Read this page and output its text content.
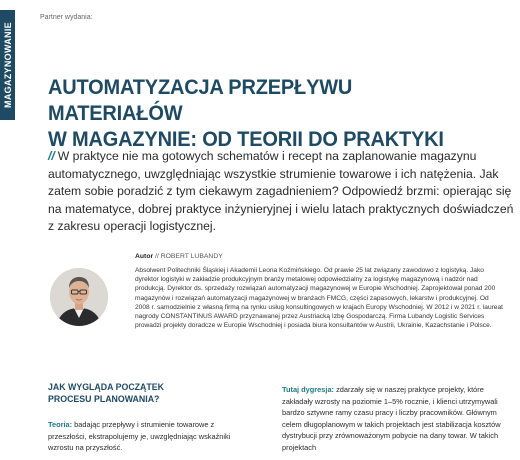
MAGAZYNOWANIE
Partner wydania:
AUTOMATYZACJA PRZEPŁYWU MATERIAŁÓW
W MAGAZYNIE: OD TEORII DO PRAKTYKI

// W praktyce nie ma gotowych schematów i recept na zaplanowanie magazynu automatycznego, uwzględniając wszystkie strumienie towarowe i ich natężenia. Jak zatem sobie poradzić z tym ciekawym zagadnieniem? Odpowiedź brzmi: opierając się na matematyce, dobrej praktyce inżynieryjnej i wielu latach praktycznych doświadczeń z zakresu operacji logistycznej.

Autor // ROBERT LUBANDY

Absolwent Politechniki Śląskiej i Akademii Leona Koźmińskiego. Od prawie 25 lat związany zawodowo z logistyką. Jako dyrektor logistyki w zakładzie produkcyjnym branży metalowej odpowiedzialny za logistykę magazynową i nadzór nad produkcją. Dyrektor ds. sprzedaży rozwiązań automatyzacji magazynowej w Europie Wschodniej. Zaprojektował ponad 200 magazynów i rozwiązań automatyzacji magazynowej w branżach FMCG, części zapasowych, lekarstw i produkcyjnej. Od 2008 r. samodzielnie z własną firmą na rynku usług konsultingowych w krajach Europy Wschodniej. W 2012 i w 2021 r. laureat nagrody CONSTANTINUS AWARD przyznawanej przez Austriacką Izbę Gospodarczą. Firma Lubandy Logistic Services prowadzi projekty doradcze w Europie Wschodniej i posiada biura konsultantów w Austrii, Ukrainie, Kazachstanie i Polsce.

JAK WYGLĄDA POCZĄTEK
PROCESU PLANOWANIA?

Teoria: badając przepływy i strumienie towarowe z przeszłości, ekstrapolujemy je, uwzględniając wskaźniki wzrostu na przyszłość.

Tutaj dygresja: zdarzały się w naszej praktyce projekty, które zakładały wzrosty na poziomie 1–5% rocznie, i klienci utrzymywali bardzo sztywne ramy czasu pracy i liczby pracowników. Głównym celem długoplanowym w takich projektach jest stabilizacja kosztów dystrybucji przy zrównoważonym pobycie na dany towar. W takich projektach
